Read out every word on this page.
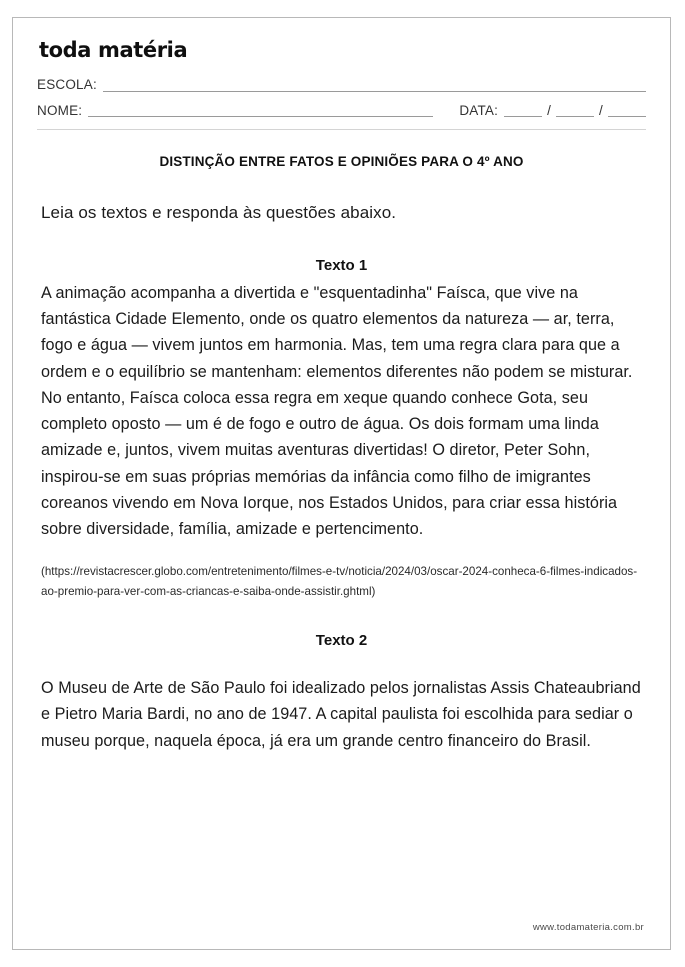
toda matéria
ESCOLA:
NOME:	DATA:	/	/
DISTINÇÃO ENTRE FATOS E OPINIÕES PARA O 4º ANO

Leia os textos e responda às questões abaixo.

Texto 1

A animação acompanha a divertida e "esquentadinha" Faísca, que vive na fantástica Cidade Elemento, onde os quatro elementos da natureza — ar, terra, fogo e água — vivem juntos em harmonia. Mas, tem uma regra clara para que a ordem e o equilíbrio se mantenham: elementos diferentes não podem se misturar. No entanto, Faísca coloca essa regra em xeque quando conhece Gota, seu completo oposto — um é de fogo e outro de água. Os dois formam uma linda amizade e, juntos, vivem muitas aventuras divertidas! O diretor, Peter Sohn, inspirou-se em suas próprias memórias da infância como filho de imigrantes coreanos vivendo em Nova Iorque, nos Estados Unidos, para criar essa história sobre diversidade, família, amizade e pertencimento.

(https://revistacrescer.globo.com/entretenimento/filmes-e-tv/noticia/2024/03/oscar-2024-conheca-6-filmes-indicados-ao-premio-para-ver-com-as-criancas-e-saiba-onde-assistir.ghtml)

Texto 2

O Museu de Arte de São Paulo foi idealizado pelos jornalistas Assis Chateaubriand e Pietro Maria Bardi, no ano de 1947. A capital paulista foi escolhida para sediar o museu porque, naquela época, já era um grande centro financeiro do Brasil.

www.todamateria.com.br
